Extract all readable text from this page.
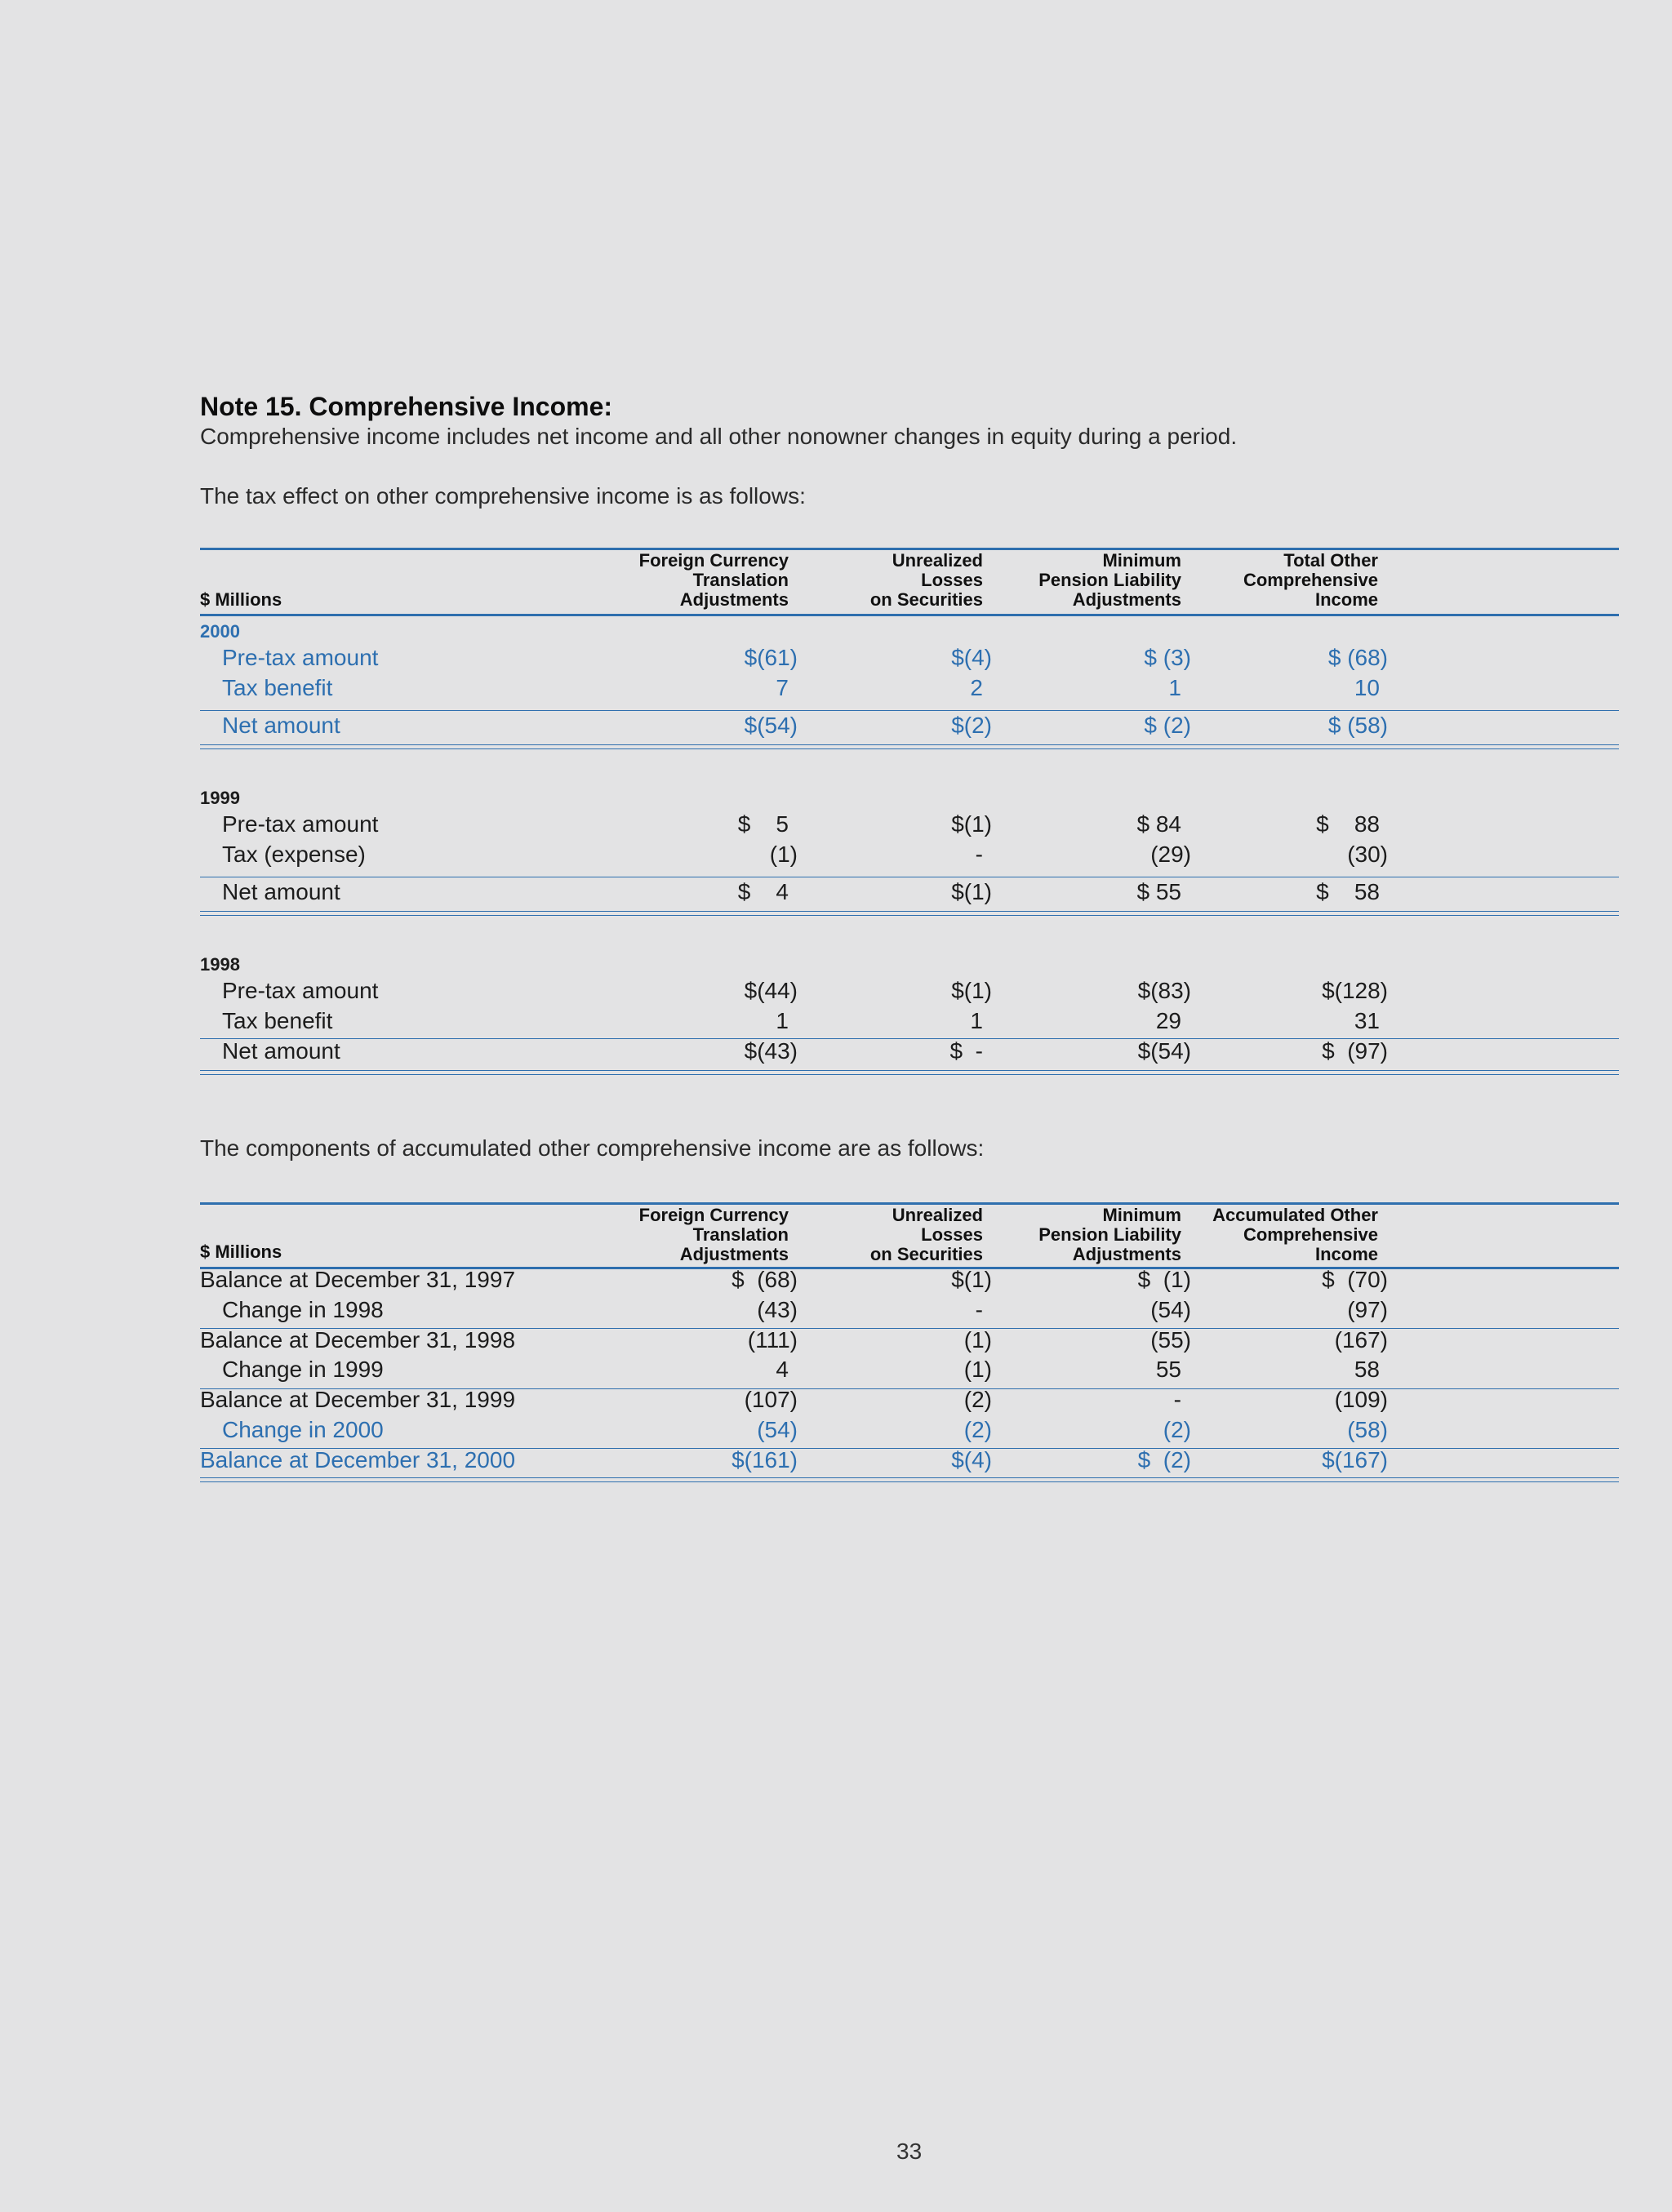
Note 15. Comprehensive Income:
Comprehensive income includes net income and all other nonowner changes in equity during a period.
The tax effect on other comprehensive income is as follows:
$ Millions
Foreign Currency
Translation
Adjustments
Unrealized
Losses
on Securities
Minimum
Pension Liability
Adjustments
Total Other
Comprehensive
Income
2000
Pre-tax amount	$(61)	$(4)	$ (3)	$ (68)
Tax benefit	7	2	1	10
Net amount	$(54)	$(2)	$ (2)	$ (58)
1999
Pre-tax amount	$    5	$(1)	$ 84	$    88
Tax (expense)	(1)	-	(29)	(30)
Net amount	$    4	$(1)	$ 55	$    58
1998
Pre-tax amount	$(44)	$(1)	$(83)	$(128)
Tax benefit	1	1	29	31
Net amount	$(43)	$  -	$(54)	$  (97)
The components of accumulated other comprehensive income are as follows:
$ Millions
Foreign Currency
Translation
Adjustments
Unrealized
Losses
on Securities
Minimum
Pension Liability
Adjustments
Accumulated Other
Comprehensive
Income
Balance at December 31, 1997	$  (68)	$(1)	$  (1)	$  (70)
Change in 1998	(43)	-	(54)	(97)
Balance at December 31, 1998	(111)	(1)	(55)	(167)
Change in 1999	4	(1)	55	58
Balance at December 31, 1999	(107)	(2)	-	(109)
Change in 2000	(54)	(2)	(2)	(58)
Balance at December 31, 2000	$(161)	$(4)	$  (2)	$(167)
33
